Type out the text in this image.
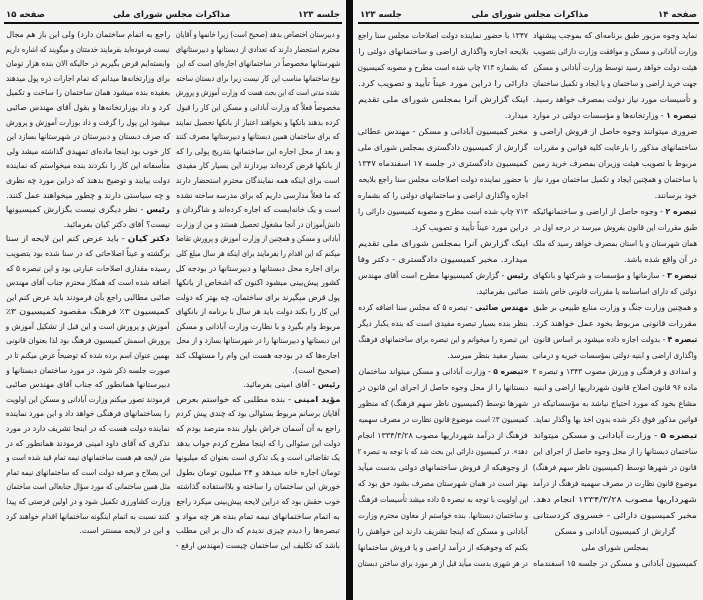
صفحه ۱۵	مذاکرات مجلس شورای ملی	جلسه ۱۲۳
و دبیرستان اختصاص بدهد (صحیح است) زیرا خانمها و آقایان
محترم استحضار دارند که تعدادی از دبستانها و دبیرستانهای
شهرستانها مخصوصاً در ساختمانهای اجاره‌ای است که این
نوع ساختمانها مناسب این کار نیست زیرا برای دبستان ساخته
نشده مدتی است که این بحث هست که وزارت آموزش و پرورش
مخصوصاً فعلاً که وزارت آبادانی و مسکن این کار را قبول
کرده بدهند بانکها و بخواهند اعتبار از بانکها تحصیل نمایند
که برای ساختمان همین دبستانها و دبیرستانها مصرف کنند
و بعد از محل اجاره این ساختمانها بتدریج پولی را که
از بانکها قرض کرده‌اند بپردازند این بسیار کار مفیدی
است برای اینکه همه نمایندگان محترم استحضار دارند
که ما فعلاً مدارسی داریم که برای مدرسه ساخته نشده
است و یک خانه‌ایست که اجاره کرده‌اند و شاگردان و
دانش‌آموزان در آنجا مشغول تحصیل هستند و من از وزارت
آبادانی و مسکن و همچنین از وزارت آموزش و پرورش تقاضا
میکنم که این اقدام را بفرمایند برای اینکه هر سال مبلغ کلی
برای اجاره محل دبستانها و دبیرستانها در بودجه کل
کشور پیش‌بینی میشود اکنون که اشخاص از بانکها
پول قرض میگیرند برای ساختمان، چه بهتر که دولت
این کار را بکند دولت باید هر سال با برنامه از بانکهای
مربوط وام بگیرد و با نظارت وزارت آبادانی و مسکن
این دبستانها و دبیرستانها را در شهرستانها بسازد و از محل
اجاره‌ها که در بودجه هست این وام را مستهلک کند
(صحیح است).
رئیس - آقای امینی بفرمائید.
مؤید امینی - بنده مطلبی که خواستم بعرض
آقایان برسانم مربوط بسئوالی بود که چندی پیش کردم
راجع به آن آسمان خراش بلوار بنده مترصد بودم که
دولت این سئوالی را که اینجا مطرح کردم جواب بدهد
یک تقاضائی است و یک تذکری است بعنوان که میلیونها
تومان اجاره خانه میدهد و ۲۴ میلیون تومان بطول
خورش این ساختمان را ساخته و بلااستفاده گذاشته
خوب حقش بود که دراین لایحه پیش‌بینی میکرد راجع
به اتمام ساختمانهای نیمه تمام بنده هر چه مواد و
تبصره‌ها را دیدم چیزی ندیدم که دال بر این مطلب
باشد که تکلیف این ساختمان چیست (مهندس ارفع -
راجع به اتمام ساختمان دارد) ولی این باز هم مجال
نیست فرموده‌اید بفرمایند خدمتتان و میگویند که اشاره داریم
وابسته‌ایم قرض بگیریم در حالیکه الان بنده هزار تومان
برای وزارتخانه‌ها میدانم که تمام اجارات ذره پول میدهند
بعقیده بنده میشود همان ساختمان را ساخت و تکمیل
کرد و داد بوزارتخانه‌ها و بقول آقای مهندس صائبی
میشود این پول را گرفت و داد بوزارت آموزش و پرورش
که صرف دبستان و دبیرستان در شهرستانها بسازد این
کار خوب بود اینجا ماده‌ای تمهیدی گذاشته میشد ولی
متأسفانه این کار را نکردند بنده میخواستم که نماینده
دولت بیایند و توضیح بدهند که دراین مورد چه نظری
و چه سیاستی دارند و چطور میخواهند عمل کنند.
رئیس - نظر دیگری نیست بگزارش کمیسیونها
نیست؟ آقای دکتر کیان بفرمائید.
دکتر کیان - باید عرض کنم این لایحه از سنا
برگشته و عیناً اصلاحاتی که در سنا شده بود بتصویب
رسیده مقداری اصلاحات عبارتی بود و این تبصره ۵ که
اضافه شده است که همکار محترم جناب آقای مهندس
صائبی مطالبی راجع بآن فرمودند باید عرض کنم این
کمیسیون ۳٪ فرهنگ مقصود کمیسیون ۳٪
آموزش و پرورش است و این قبل از تشکیل آموزش و
پرورش اسمش کمیسیون فرهنگ بود لذا بعنوان قانونی
بهمین عنوان اسم برده شده که توضیحاً عرض میکنم تا در
صورت جلسه ذکر شود. در مورد ساختمان دبستانها و
دبیرستانها همانطور که جناب آقای مهندس صائبی
فرمودند تصور میکنم وزارت آبادانی و مسکن این اولویت
را بساختمانهای فرهنگی خواهد داد و این مورد نماینده
نماینده دولت هست که در اینجا تشریف دارد در مورد
تذکری که آقای داود امینی فرمودند همانطور که در
متن لایحه هم هست ساختمانهای نیمه تمام قید شده است و
این بصلاح و صرفه دولت است که ساختمانهای نیمه تمام
مثل همین ساختمانی که مورد سؤال جنابعالی است ساختمان
وزارت کشاورزی تکمیل شود و در اولین فرصتی که پیدا
کنند نسبت به اتمام اینگونه ساختمانها اقدام خواهند کرد
و این در لایحه مستتر است.
جلسه ۱۲۳	مذاکرات مجلس شورای ملی	صفحه ۱۴
نماید وجوه مزبور طبق برنامه‌ای که بموجب پیشنهاد
وزارت آبادانی و مسکن و موافقت وزارت دارائی بتصویب
هیئت دولت خواهد رسید توسط وزارت آبادانی و مسکن
جهت خرید اراضی و ساختمان و یا ایجاد و تکمیل ساختمان
و تأسیسات مورد نیاز دولت بمصرف خواهد رسید.
تبصره ۱ - وزارتخانه‌ها و مؤسسات دولتی در موارد
ضروری میتوانند وجوه حاصل از فروش اراضی و
ساختمانهای مذکور را بارعایت کلیه قوانین و مقررات
مربوط با تصویب هیئت وزیران بمصرف خرید زمین
یا ساختمان و همچنین ایجاد و تکمیل ساختمان مورد نیاز
خود برسانند.
تبصره ۲ - وجوه حاصل از اراضی و ساختمانهائیکه
طبق مقررات این قانون بفروش میرسد در درجه اول در
همان شهرستان و یا استان بمصرف خواهد رسید که ملک
در آن واقع شده باشد.
تبصره ۳ - سازمانها و مؤسسات و شرکتها و بانکهای
دولتی که دارای اساسنامه یا مقررات قانونی خاص باشند
و همچنین وزارت جنگ و وزارت منابع طبیعی بر طبق
مقررات قانونی مربوط بخود عمل خواهند کرد.
تبصره ۴ - بدولت اجازه داده میشود بر اساس قانون
واگذاری اراضی و ابنیه دولتی بمؤسسات خیریه و درمانی
و امدادی و فرهنگی و ورزش مصوب ۱۳۴۳ و تبصره ۲
ماده ۹۶ قانون اصلاح قانون شهرداریها اراضی و ابنیه
مشاع بخود که مورد احتیاج نباشد به مؤسساتیکه در
قوانین مذکور فوق ذکر شده بدون اخذ بها واگذار نماید.
تبصره ۵ - وزارت آبادانی و مسکن میتواند
ساختمان دبستانها را از محل وجوه حاصل از اجرای این
قانون در شهرها توسط (کمیسیون ناظر سهم فرهنگ)
موضوع قانون نظارت در مصرف سهمیه فرهنگ از درآمد
شهرداریها مصوب ۱۳۳۴/۳/۲۸ انجام دهد.
مخبر کمیسیون دارائی - خسروی کردستانی
گزارش از کمیسیون آبادانی و مسکن
بمجلس شورای ملی
کمیسیون آبادانی و مسکن در جلسه ۱۵ اسفندماه
۱۳۴۷ با حضور نماینده دولت اصلاحات مجلس سنا راجع
بلایحه اجازه واگذاری اراضی و ساختمانهای دولتی را
که بشماره ۷۱۳ چاپ شده است مطرح و مصوبه کمیسیون
دارائی را دراین مورد عیناً تأیید و تصویب کرد.
اینک گزارش آنرا بمجلس شورای ملی تقدیم
میدارد.
مخبر کمیسیون آبادانی و مسکن - مهندس عطائی
گزارش از کمیسیون دادگستری بمجلس شورای ملی
کمیسیون دادگستری در جلسه ۱۷ اسفندماه ۱۳۴۷
با حضور نماینده دولت اصلاحات مجلس سنا راجع بلایحه
اجازه واگذاری اراضی و ساختمانهای دولتی را که بشماره
۷۱۳ چاپ شده است مطرح و مصوبه کمیسیون دارائی را
دراین مورد عیناً تأیید و تصویب کرد.
اینک گزارش آنرا بمجلس شورای ملی تقدیم
میدارد. مخبر کمیسیون دادگستری - دکتر وفا
رئیس - گزارش کمیسیونها مطرح است آقای مهندس
صائبی بفرمائید.
مهندس صائبی - تبصره ۵ که مجلس سنا اضافه کرده
بنظر بنده بسیار تبصره مفیدی است که بنده یکبار دیگر
این تبصره را میخوانم و این تبصره برای ساختمانهای فرهنگ
بسیار مفید بنظر میرسد.
«تبصره ۵ - وزارت آبادانی و مسکن میتواند ساختمان
دبستانها را از محل وجوه حاصل از اجرای این قانون در
شهرها توسط (کمیسیون ناظر سهم فرهنگ) که منظور
کمیسیون ۳٪ است موضوع قانون نظارت در مصرف سهمیه
فرهنگ از درآمد شهرداریها مصوب ۱۳۳۴/۳/۲۸ انجام
دهد». در کمیسیون دارائی این بحث شد که با توجه به تبصره ۲
از وجوهیکه از فروش ساختمانهای دولتی بدست میآید
بهتر است در همان شهرستان مصرف بشود حق بود که
این اولویت با توجه به تبصره ۵ داده میشد تأسیسات فرهنگ
و ساختمان دبستانها. بنده خواستم از معاون محترم وزارت
آبادانی و مسکن که اینجا تشریف دارند این خواهش را
بکنم که وجوهیکه از درآمد اراضی و یا فروش ساختمانها
در هر شهری بدست میآید قبل از هر مورد برای ساختن دبستان
